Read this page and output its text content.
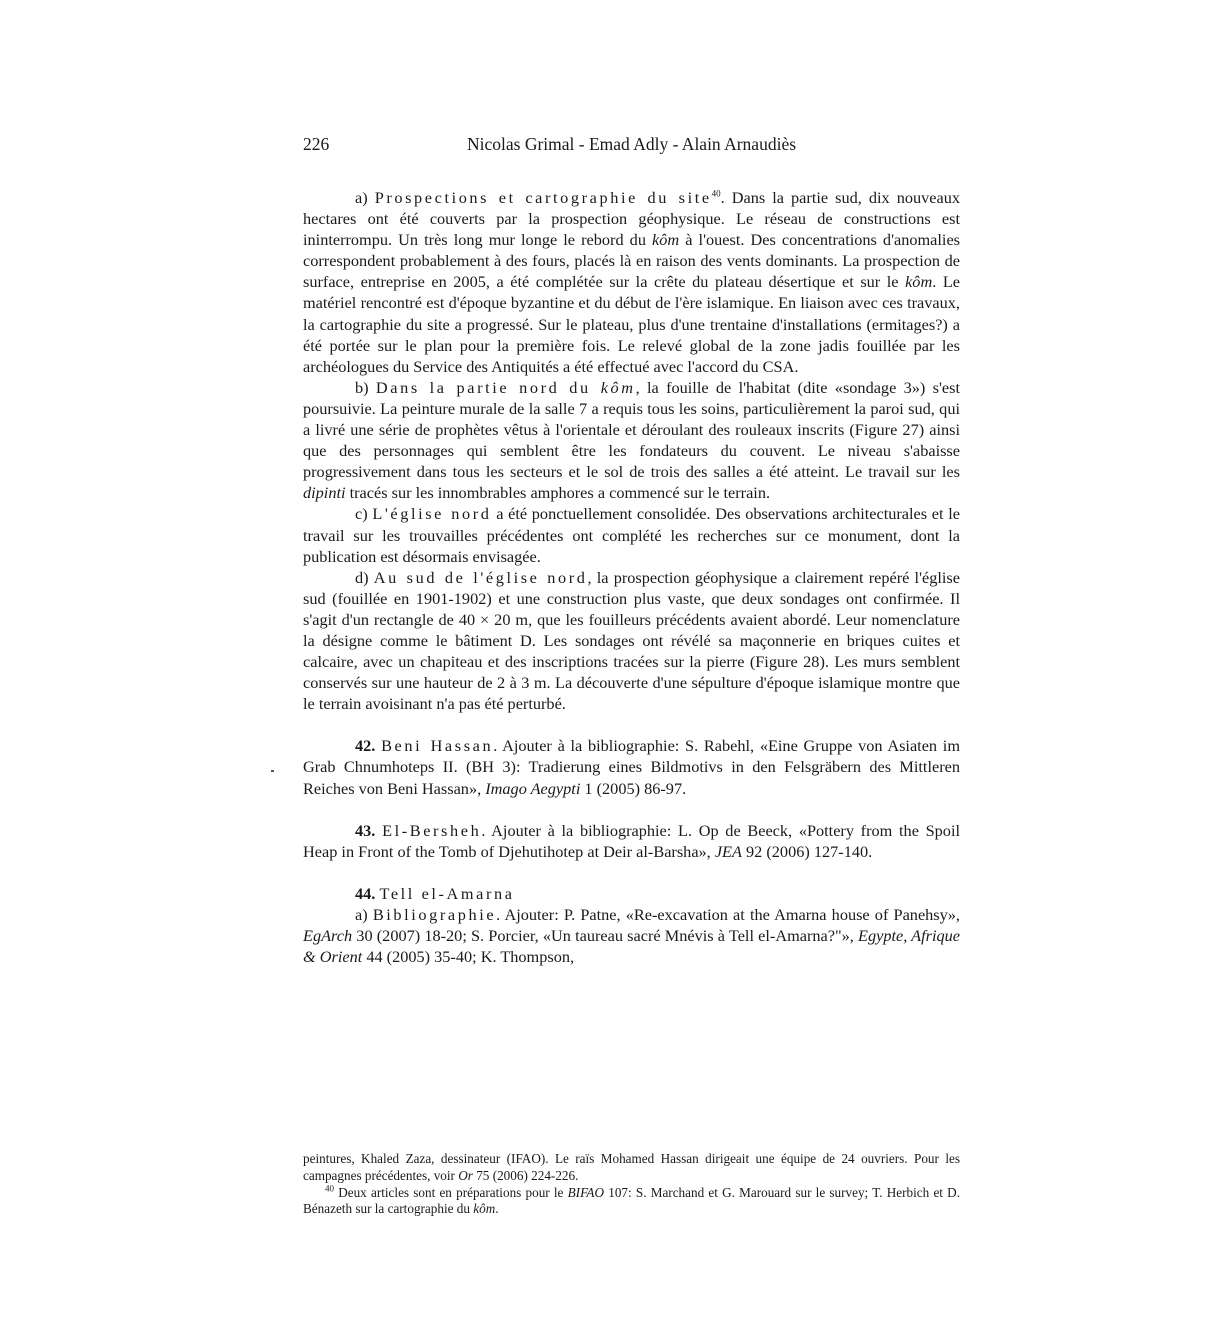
226	Nicolas Grimal - Emad Adly - Alain Arnaudiès

a) Prospections et cartographie du site$^{40}$. Dans la partie sud, dix nouveaux hectares ont été couverts par la prospection géophysique. Le réseau de constructions est ininterrompu. Un très long mur longe le rebord du kôm à l'ouest. Des concentrations d'anomalies correspondent probablement à des fours, placés là en raison des vents dominants. La prospection de surface, entreprise en 2005, a été complétée sur la crête du plateau désertique et sur le kôm. Le matériel rencontré est d'époque byzantine et du début de l'ère islamique. En liaison avec ces travaux, la cartographie du site a progressé. Sur le plateau, plus d'une trentaine d'installations (ermitages?) a été portée sur le plan pour la première fois. Le relevé global de la zone jadis fouillée par les archéologues du Service des Antiquités a été effectué avec l'accord du CSA.

b) Dans la partie nord du kôm, la fouille de l'habitat (dite «sondage 3») s'est poursuivie. La peinture murale de la salle 7 a requis tous les soins, particulièrement la paroi sud, qui a livré une série de prophètes vêtus à l'orientale et déroulant des rouleaux inscrits (Figure 27) ainsi que des personnages qui semblent être les fondateurs du couvent. Le niveau s'abaisse progressivement dans tous les secteurs et le sol de trois des salles a été atteint. Le travail sur les dipinti tracés sur les innombrables amphores a commencé sur le terrain.

c) L'église nord a été ponctuellement consolidée. Des observations architecturales et le travail sur les trouvailles précédentes ont complété les recherches sur ce monument, dont la publication est désormais envisagée.

d) Au sud de l'église nord, la prospection géophysique a clairement repéré l'église sud (fouillée en 1901-1902) et une construction plus vaste, que deux sondages ont confirmée. Il s'agit d'un rectangle de 40 × 20 m, que les fouilleurs précédents avaient abordé. Leur nomenclature la désigne comme le bâtiment D. Les sondages ont révélé sa maçonnerie en briques cuites et calcaire, avec un chapiteau et des inscriptions tracées sur la pierre (Figure 28). Les murs semblent conservés sur une hauteur de 2 à 3 m. La découverte d'une sépulture d'époque islamique montre que le terrain avoisinant n'a pas été perturbé.

42. Beni Hassan. Ajouter à la bibliographie: S. Rabehl, «Eine Gruppe von Asiaten im Grab Chnumhoteps II. (BH 3): Tradierung eines Bildmotivs in den Felsgräbern des Mittleren Reiches von Beni Hassan», Imago Aegypti 1 (2005) 86-97.

43. El-Bersheh. Ajouter à la bibliographie: L. Op de Beeck, «Pottery from the Spoil Heap in Front of the Tomb of Djehutihotep at Deir al-Barsha», JEA 92 (2006) 127-140.

44. Tell el-Amarna

a) Bibliographie. Ajouter: P. Patne, «Re-excavation at the Amarna house of Panehsy», EgArch 30 (2007) 18-20; S. Porcier, «Un taureau sacré Mnévis à Tell el-Amarna?"», Egypte, Afrique & Orient 44 (2005) 35-40; K. Thompson,

peintures, Khaled Zaza, dessinateur (IFAO). Le raïs Mohamed Hassan dirigeait une équipe de 24 ouvriers. Pour les campagnes précédentes, voir Or 75 (2006) 224-226.

$^{40}$ Deux articles sont en préparations pour le BIFAO 107: S. Marchand et G. Marouard sur le survey; T. Herbich et D. Bénazeth sur la cartographie du kôm.
